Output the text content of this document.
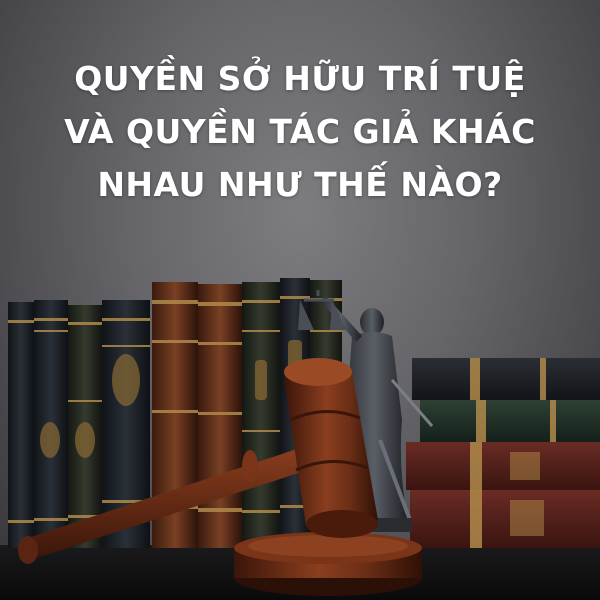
QUYỀN SỞ HỮU TRÍ TUỆ
VÀ QUYỀN TÁC GIẢ KHÁC
NHAU NHƯ THẾ NÀO?
